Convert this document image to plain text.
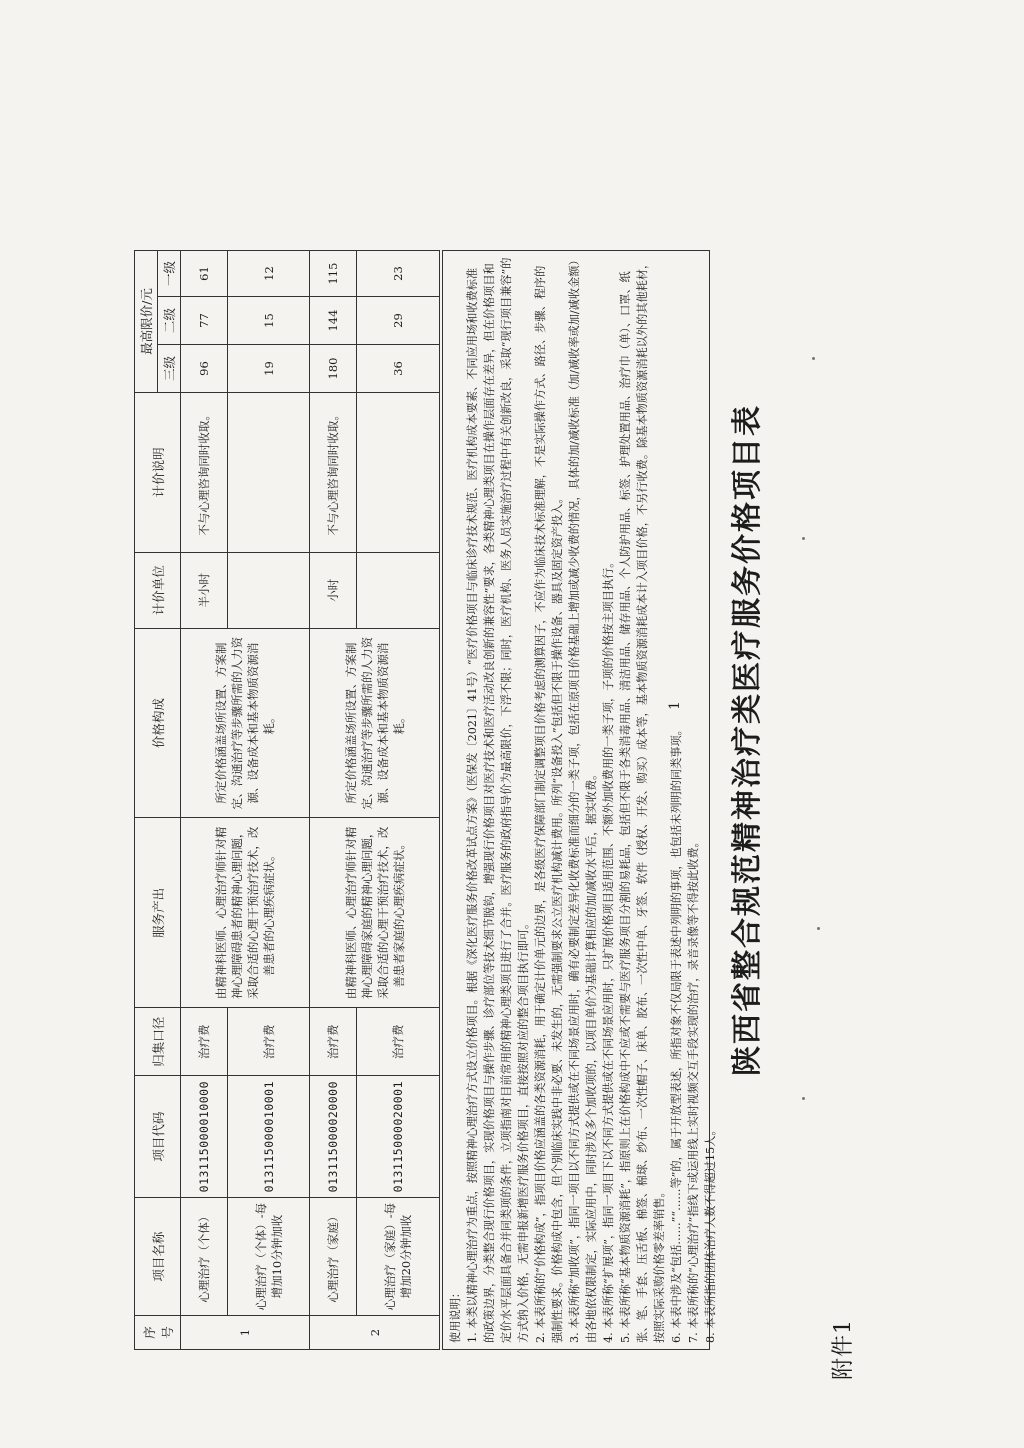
附件1
陕西省整合规范精神治疗类医疗服务价格项目表

使用说明： 1. 本类以精神心理治疗为重点，按照精神心理治疗方式设立价格项目。根据《深化医疗服务价格改革试点方案》（医保发〔2021〕41号）“医疗价格项目与临床诊疗技术规范、医疗机构成本要素、不同应用场和收费标准的政策边界，分类整合现行价格项目，实现价格项目与操作步骤、诊疗部位等技术细节脱钩，增强现行价格项目对医疗技术和医疗活动改良创新的兼容性”要求，各类精神心理类项目在操作层面存在差异，但在价格项目和定价水平层面具备合并同类项的条件，立项指南对目前常用的精神心理类项目进行了合并。医疗服务的政府指导价为最高限价，下浮不限；同时，医疗机构、医务人员实施治疗过程中有关创新改良，采取“现行项目兼容”的方式纳入价格，无需申报新增医疗服务价格项目，直接按照对应的整合项目执行即可。 2. 本表所称的“价格构成”，指项目价格应涵盖的各类资源消耗，用于确定计价单元的边界，是各级医疗保障部门制定调整项目价格考虑的测算因子，不应作为临床技术标准理解，不是实际操作方式、路径、步骤、程序的强制性要求。价格构成中包含，但个别临床实践中非必要、未发生的，无需强制要求公立医疗机构减计费用。所列“设备投入”包括但不限于操作设备、器具及固定资产投入。 3. 本表所称“加收项”，指同一项目以不同方式提供或在不同场景应用时，确有必要制定差异化收费标准而细分的一类子项，包括在原项目价格基础上增加或减少收费的情况，具体的加/减收标准（加/减收率或加/减收金额）由各地依权限制定，实际应用中，同时涉及多个加收项的，以项目单价为基础计算相应的加/减收水平后，据实收费。 4. 本表所称“扩展项”，指同一项目下以不同方式提供或在不同场景应用时，只扩展价格项目适用范围、不额外加收费用的一类子项，子项的价格按主项目执行。 5. 本表所称“基本物质资源消耗”，指原则上在价格构成中不应或不需要与医疗服务项目分割的易耗品，包括但不限于各类消毒用品、清洁用品、储存用品、个人防护用品、标签、护理处置用品、治疗巾（单）、口罩、纸张、笔、手套、压舌板、棉签、棉球、纱布、一次性帽子、床单、胶布、一次性中单、牙签、软件（授权、开发、购买）成本等，基本物质资源消耗成本计入项目价格，不另行收费。除基本物质资源消耗以外的其他耗材，按照实际采购价格零差率销售。 6. 本表中涉及“包括……”“……等”的，属于开放型表述，所指对象不仅局限于表述中列明的事项，也包括未列明的同类事项。 7. 本表所称的“心理治疗”指线下或运用线上实时视频交互手段实现的治疗，录音录像等不得按此收费。 8. 本表所指的团体治疗人数不得超过15人。

序号	项目名称	项目代码	归集口径	服务产出	价格构成	计价单位	计价说明	最高限价/元		
								三级	二级	一级
1	心理治疗（个体）	013115000010000	治疗费	由精神科医师、心理治疗师针对精神心理障碍患者的精神心理问题，采取合适的心理干预治疗技术，改善患者的心理疾病症状。	所定价格涵盖场所设置、方案制定、沟通治疗等步骤所需的人力资源、设备成本和基本物质资源消耗。	半小时	不与心理咨询同时收取。	96	77	61
	心理治疗（个体）-每增加10分钟加收	013115000010001	治疗费					19	15	12
2	心理治疗（家庭）	013115000020000	治疗费	由精神科医师、心理治疗师针对精神心理障碍家庭的精神心理问题，采取合适的心理干预治疗技术，改善患者家庭的心理疾病症状。	所定价格涵盖场所设置、方案制定、沟通治疗等步骤所需的人力资源、设备成本和基本物质资源消耗。	小时	不与心理咨询同时收取。	180	144	115
	心理治疗（家庭）-每增加20分钟加收	013115000020001	治疗费					36	29	23
1
